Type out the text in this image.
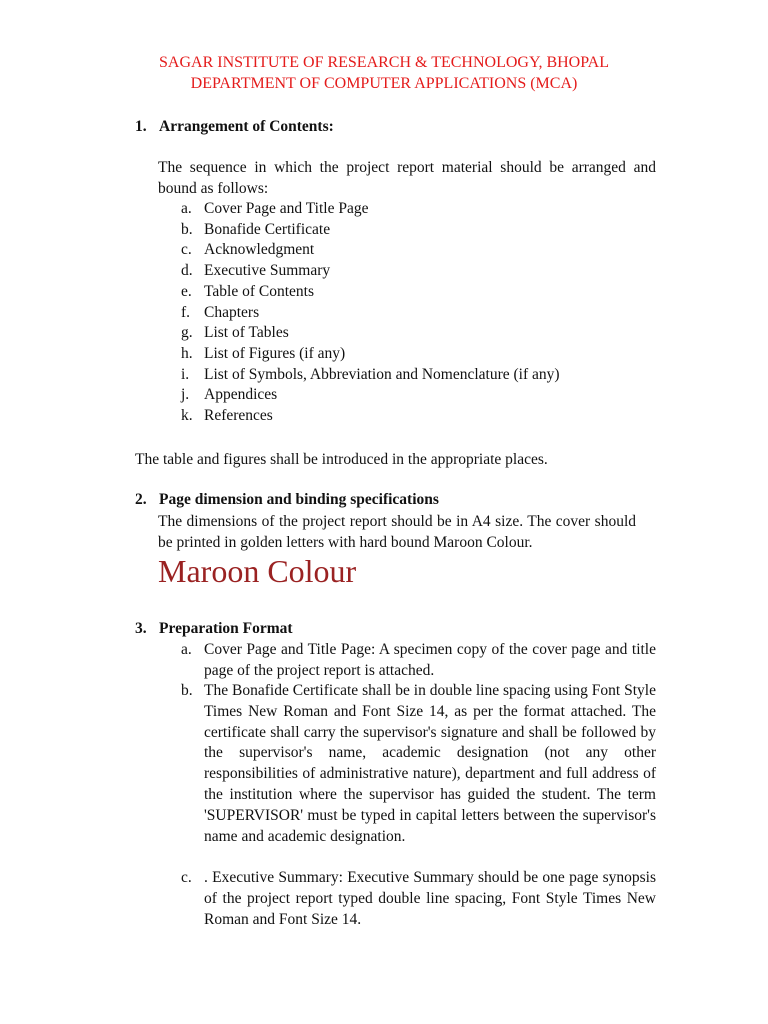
SAGAR INSTITUTE OF RESEARCH & TECHNOLOGY, BHOPAL
DEPARTMENT OF COMPUTER APPLICATIONS (MCA)
1. Arrangement of Contents:
The sequence in which the project report material should be arranged and bound as follows:
a. Cover Page and Title Page
b. Bonafide Certificate
c. Acknowledgment
d. Executive Summary
e. Table of Contents
f. Chapters
g. List of Tables
h. List of Figures (if any)
i. List of Symbols, Abbreviation and Nomenclature (if any)
j. Appendices
k. References
The table and figures shall be introduced in the appropriate places.
2. Page dimension and binding specifications
The dimensions of the project report should be in A4 size. The cover should be printed in golden letters with hard bound Maroon Colour.
Maroon Colour
3. Preparation Format
a. Cover Page and Title Page: A specimen copy of the cover page and title page of the project report is attached.
b. The Bonafide Certificate shall be in double line spacing using Font Style Times New Roman and Font Size 14, as per the format attached. The certificate shall carry the supervisor's signature and shall be followed by the supervisor's name, academic designation (not any other responsibilities of administrative nature), department and full address of the institution where the supervisor has guided the student. The term 'SUPERVISOR' must be typed in capital letters between the supervisor's name and academic designation.
c. . Executive Summary: Executive Summary should be one page synopsis of the project report typed double line spacing, Font Style Times New Roman and Font Size 14.
